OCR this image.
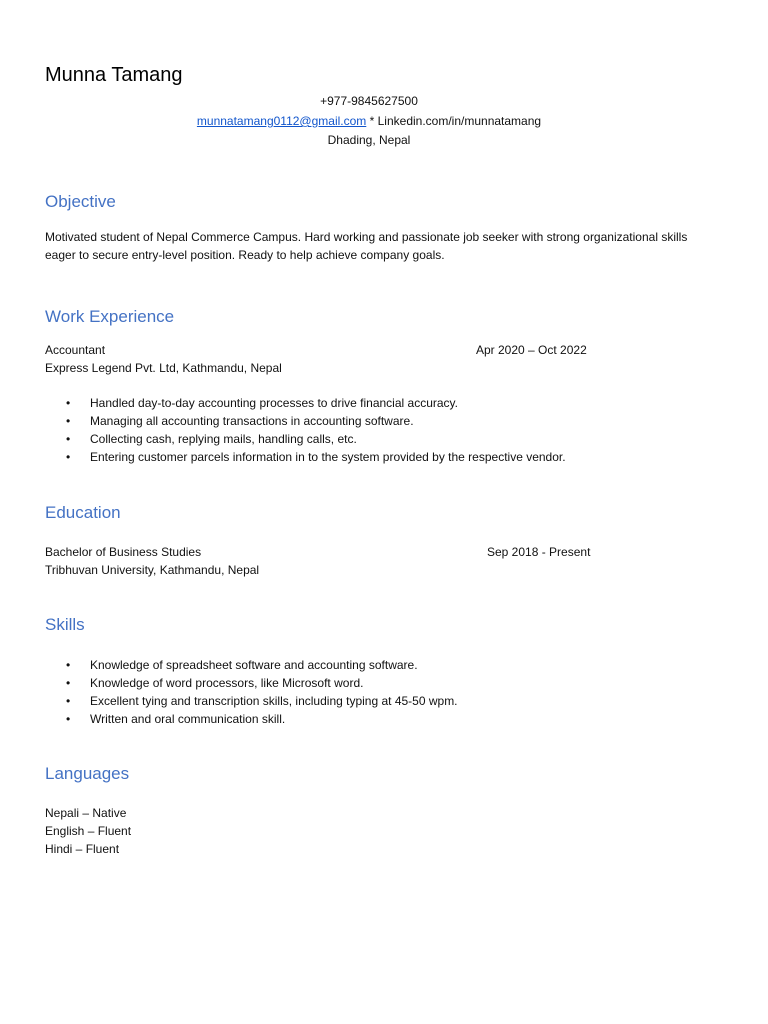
Munna Tamang
+977-9845627500
munnatamang0112@gmail.com * Linkedin.com/in/munnatamang
Dhading, Nepal
Objective

Motivated student of Nepal Commerce Campus. Hard working and passionate job seeker with strong organizational skills eager to secure entry-level position. Ready to help achieve company goals.

Work Experience
Accountant	Apr 2020 – Oct 2022
Express Legend Pvt. Ltd, Kathmandu, Nepal
• Handled day-to-day accounting processes to drive financial accuracy.
• Managing all accounting transactions in accounting software.
• Collecting cash, replying mails, handling calls, etc.
• Entering customer parcels information in to the system provided by the respective vendor.
Education
Bachelor of Business Studies	Sep 2018 - Present
Tribhuvan University, Kathmandu, Nepal
Skills
• Knowledge of spreadsheet software and accounting software.
• Knowledge of word processors, like Microsoft word.
• Excellent tying and transcription skills, including typing at 45-50 wpm.
• Written and oral communication skill.
Languages
Nepali – Native
English – Fluent
Hindi – Fluent
